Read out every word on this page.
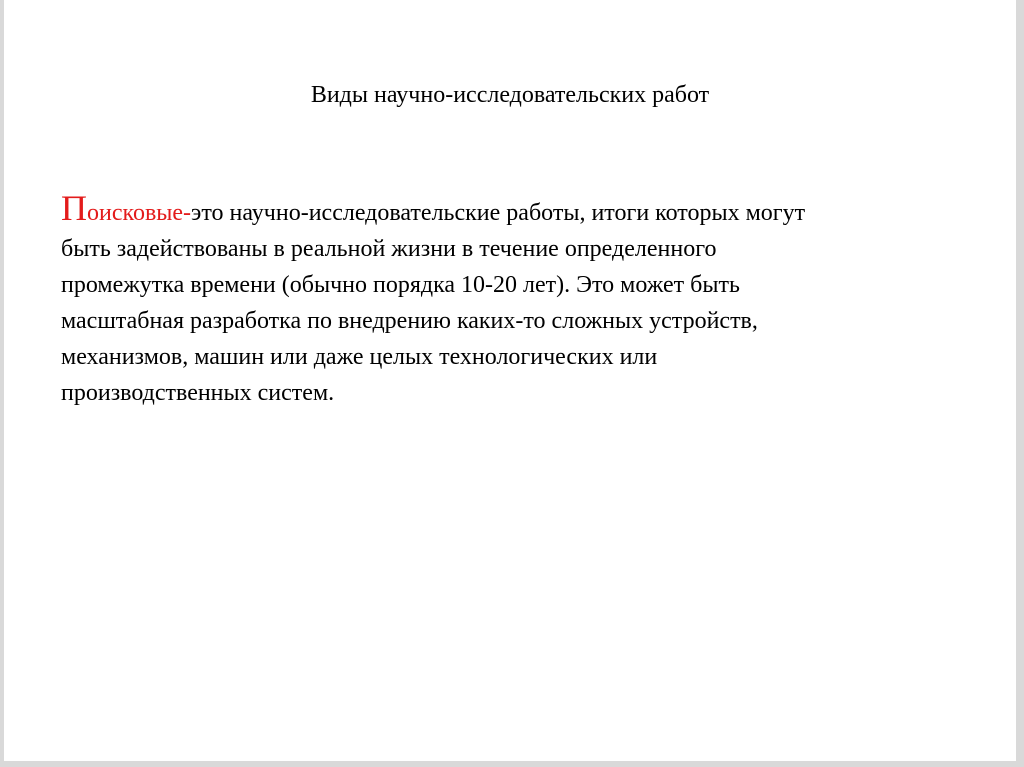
Виды научно-исследовательских работ
Поисковые-это научно-исследовательские работы, итоги которых могут
быть задействованы в реальной жизни в течение определенного
промежутка времени (обычно порядка 10-20 лет). Это может быть
масштабная разработка по внедрению каких-то сложных устройств,
механизмов, машин или даже целых технологических или
производственных систем.
